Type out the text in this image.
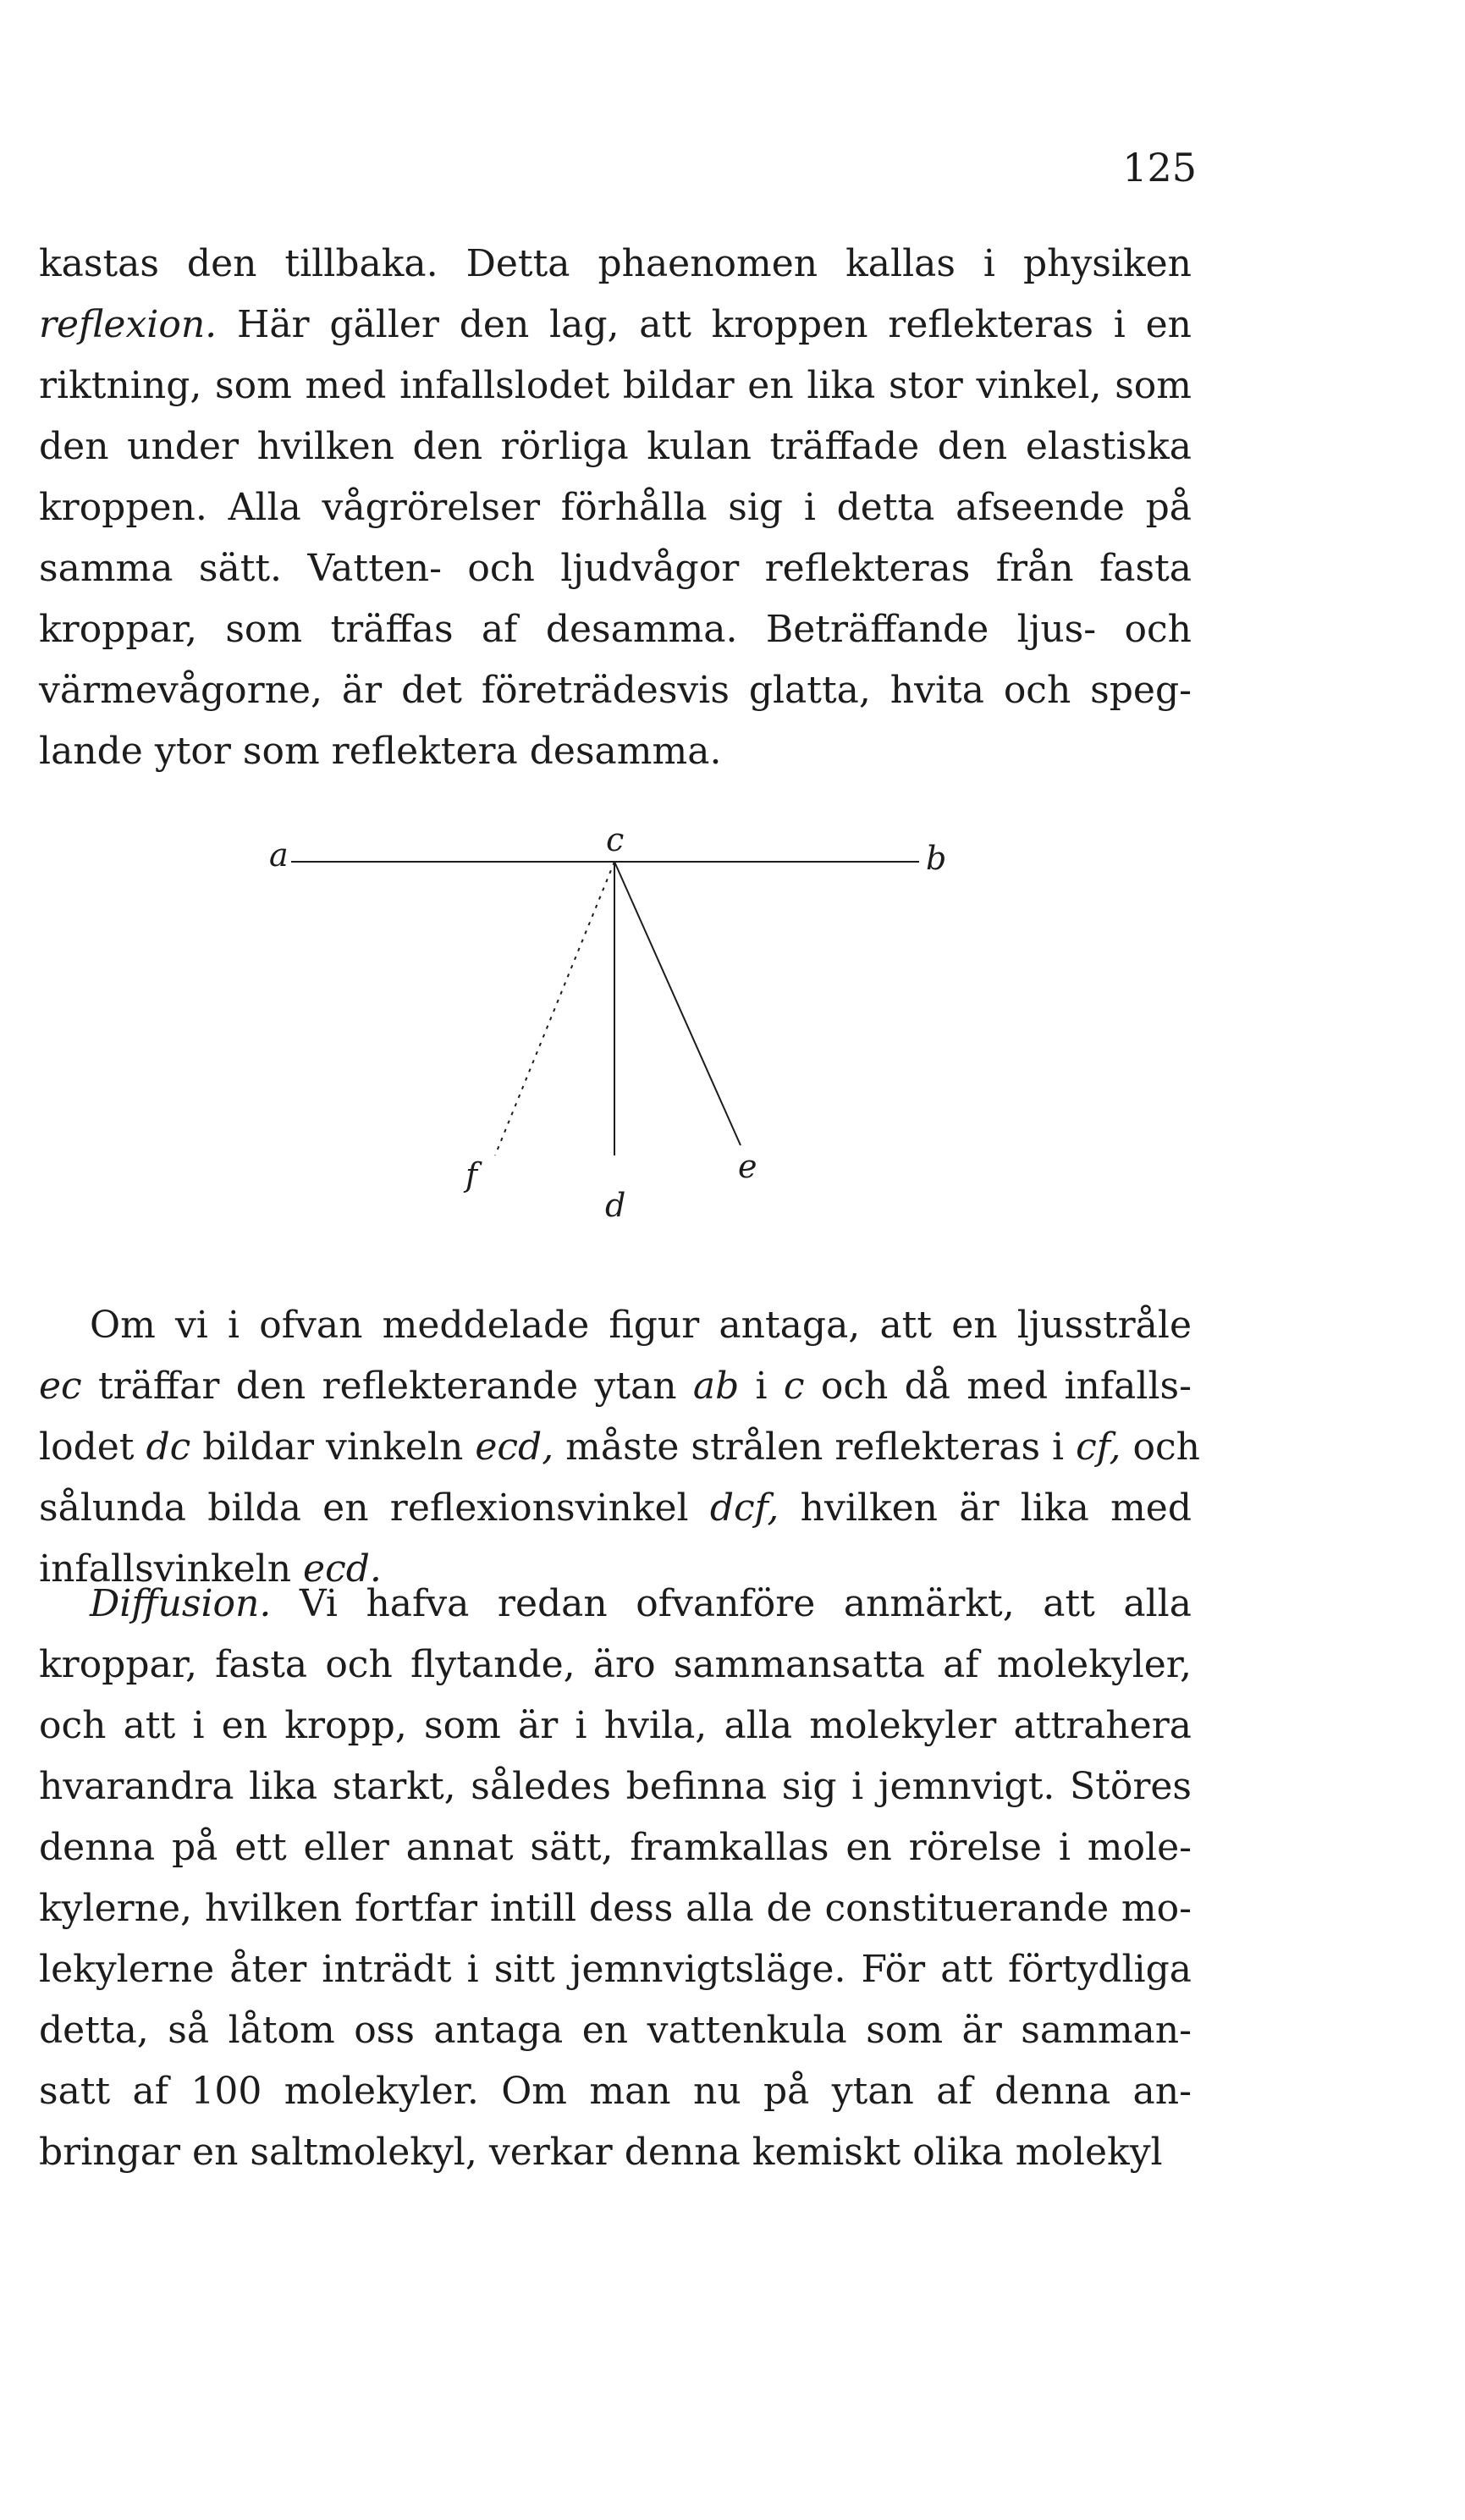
125
kastas den tillbaka. Detta phaenomen kallas i physiken
reflexion. Här gäller den lag, att kroppen reflekteras i en
riktning, som med infallslodet bildar en lika stor vinkel, som
den under hvilken den rörliga kulan träffade den elastiska
kroppen. Alla vågrörelser förhålla sig i detta afseende på
samma sätt. Vatten- och ljudvågor reflekteras från fasta
kroppar, som träffas af desamma. Beträffande ljus- och
värmevågorne, är det företrädesvis glatta, hvita och speg-
lande ytor som reflektera desamma.
a	c	b
f	e
d
Om vi i ofvan meddelade figur antaga, att en ljusstråle
ec träffar den reflekterande ytan ab i c och då med infalls-
lodet dc bildar vinkeln ecd, måste strålen reflekteras i cf, och
sålunda bilda en reflexionsvinkel dcf, hvilken är lika med
infallsvinkeln ecd.
Diffusion. Vi hafva redan ofvanföre anmärkt, att alla
kroppar, fasta och flytande, äro sammansatta af molekyler,
och att i en kropp, som är i hvila, alla molekyler attrahera
hvarandra lika starkt, således befinna sig i jemnvigt. Störes
denna på ett eller annat sätt, framkallas en rörelse i mole-
kylerne, hvilken fortfar intill dess alla de constituerande mo-
lekylerne åter inträdt i sitt jemnvigtsläge. För att förtydliga
detta, så låtom oss antaga en vattenkula som är samman-
satt af 100 molekyler. Om man nu på ytan af denna an-
bringar en saltmolekyl, verkar denna kemiskt olika molekyl
